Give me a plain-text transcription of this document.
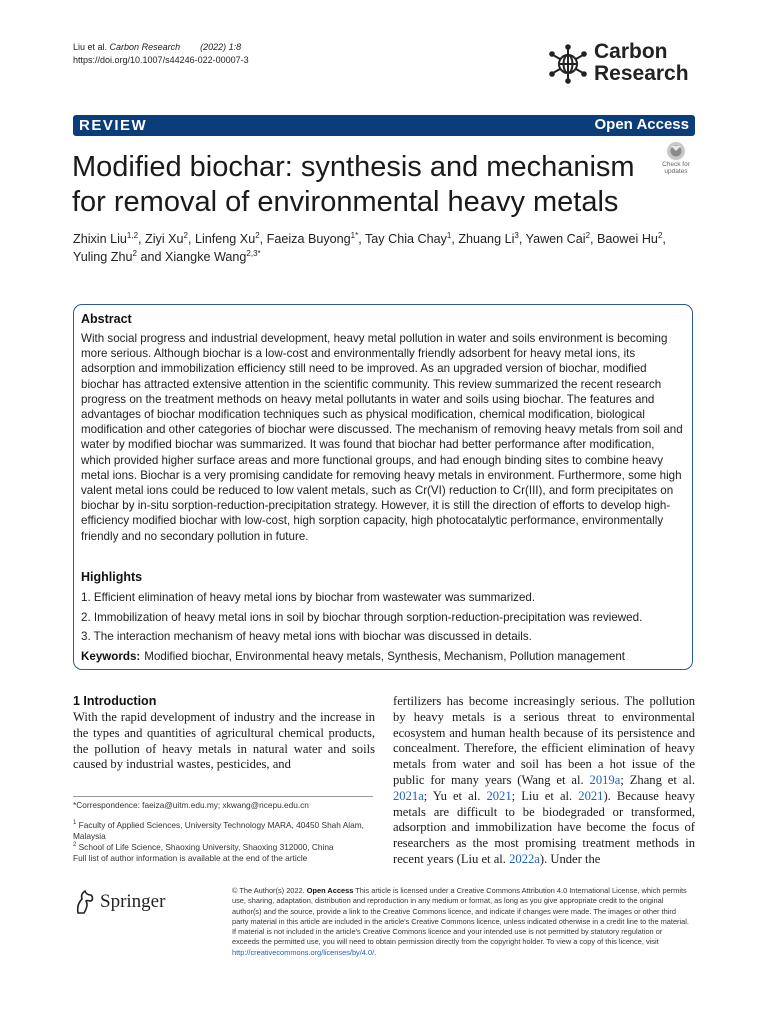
Liu et al. Carbon Research (2022) 1:8
https://doi.org/10.1007/s44246-022-00007-3	Carbon
Research
REVIEW	Open Access
Modified biochar: synthesis and mechanism
for removal of environmental heavy metals
Check for
updates
Zhixin Liu$^{1,2}$, Ziyi Xu$^2$, Linfeng Xu$^2$, Faeiza Buyong$^{1*}$, Tay Chia Chay$^1$, Zhuang Li$^3$, Yawen Cai$^2$, Baowei Hu$^2$, Yuling Zhu$^2$ and Xiangke Wang$^{2,3*}$
Abstract
With social progress and industrial development, heavy metal pollution in water and soils environment is becoming more serious. Although biochar is a low-cost and environmentally friendly adsorbent for heavy metal ions, its adsorption and immobilization efficiency still need to be improved. As an upgraded version of biochar, modified biochar has attracted extensive attention in the scientific community. This review summarized the recent research progress on the treatment methods on heavy metal pollutants in water and soils using biochar. The features and advantages of biochar modification techniques such as physical modification, chemical modification, biological modification and other categories of biochar were discussed. The mechanism of removing heavy metals from soil and water by modified biochar was summarized. It was found that biochar had better performance after modification, which provided higher surface areas and more functional groups, and had enough binding sites to combine heavy metal ions. Biochar is a very promising candidate for removing heavy metals in environment. Furthermore, some high valent metal ions could be reduced to low valent metals, such as Cr(VI) reduction to Cr(III), and form precipitates on biochar by in-situ sorption-reduction-precipitation strategy. However, it is still the direction of efforts to develop high-efficiency modified biochar with low-cost, high sorption capacity, high photocatalytic performance, environmentally friendly and no secondary pollution in future.
Highlights
1. Efficient elimination of heavy metal ions by biochar from wastewater was summarized.
2. Immobilization of heavy metal ions in soil by biochar through sorption-reduction-precipitation was reviewed.
3. The interaction mechanism of heavy metal ions with biochar was discussed in details.
Keywords: Modified biochar, Environmental heavy metals, Synthesis, Mechanism, Pollution management
1 Introduction
With the rapid development of industry and the increase in the types and quantities of agricultural chemical products, the pollution of heavy metals in natural water and soils caused by industrial wastes, pesticides, and
fertilizers has become increasingly serious. The pollution by heavy metals is a serious threat to environmental ecosystem and human health because of its persistence and concealment. Therefore, the efficient elimination of heavy metals from water and soil has been a hot issue of the public for many years (Wang et al. 2019a; Zhang et al. 2021a; Yu et al. 2021; Liu et al. 2021). Because heavy metals are difficult to be biodegraded or transformed, adsorption and immobilization have become the focus of researchers as the most promising treatment methods in recent years (Liu et al. 2022a). Under the
*Correspondence: faeiza@uitm.edu.my; xkwang@ncepu.edu.cn
$^1$ Faculty of Applied Sciences, University Technology MARA, 40450 Shah Alam, Malaysia
$^2$ School of Life Science, Shaoxing University, Shaoxing 312000, China
Full list of author information is available at the end of the article
Springer
© The Author(s) 2022. Open Access This article is licensed under a Creative Commons Attribution 4.0 International License, which permits use, sharing, adaptation, distribution and reproduction in any medium or format, as long as you give appropriate credit to the original author(s) and the source, provide a link to the Creative Commons licence, and indicate if changes were made. The images or other third party material in this article are included in the article's Creative Commons licence, unless indicated otherwise in a credit line to the material. If material is not included in the article's Creative Commons licence and your intended use is not permitted by statutory regulation or exceeds the permitted use, you will need to obtain permission directly from the copyright holder. To view a copy of this licence, visit http://creativecommons.org/licenses/by/4.0/.
